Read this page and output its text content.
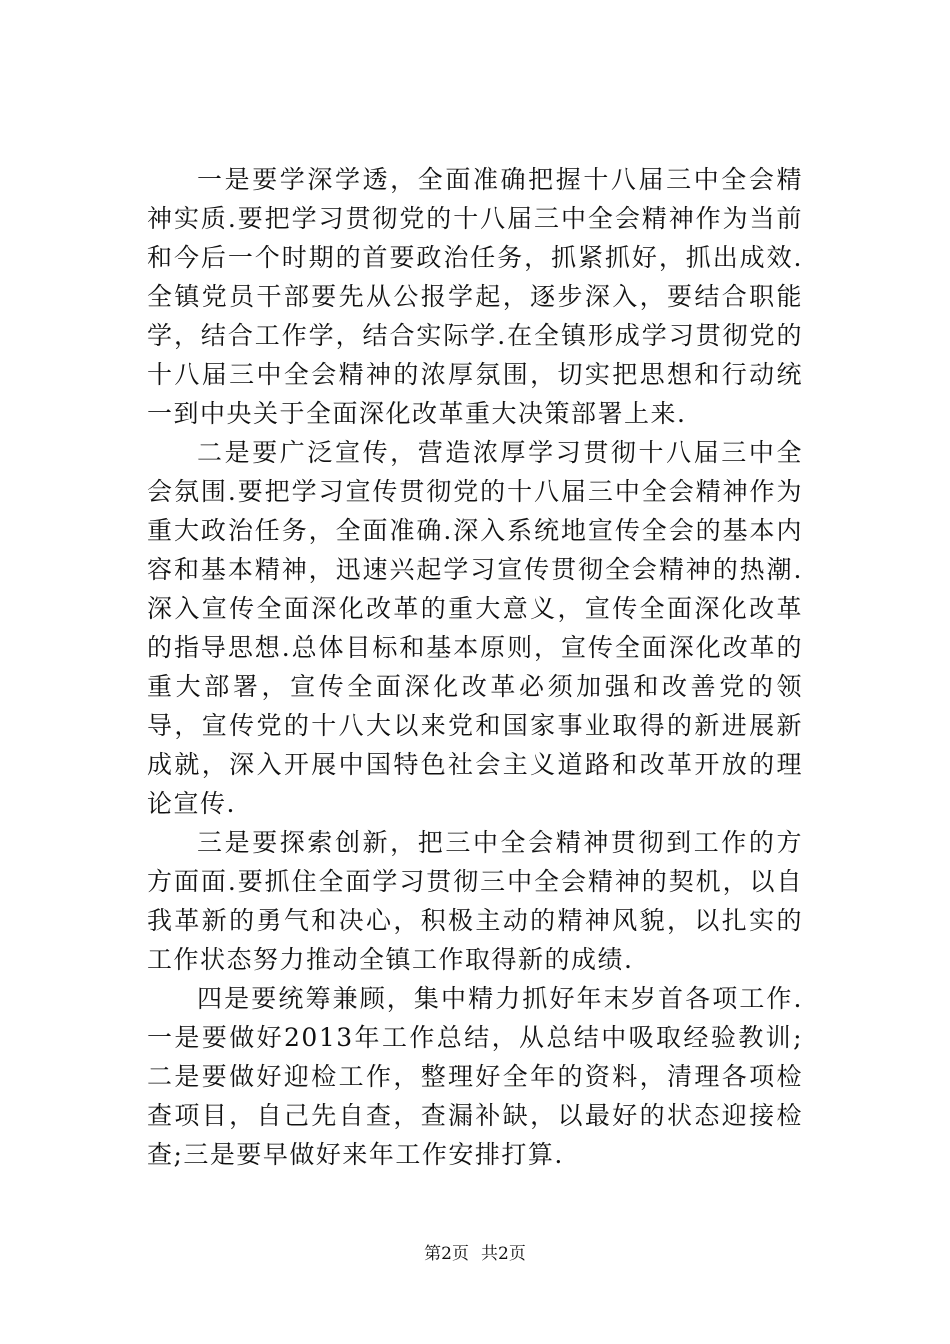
一是要学深学透，全面准确把握十八届三中全会精神实质.要把学习贯彻党的十八届三中全会精神作为当前和今后一个时期的首要政治任务，抓紧抓好，抓出成效.全镇党员干部要先从公报学起，逐步深入，要结合职能学，结合工作学，结合实际学.在全镇形成学习贯彻党的十八届三中全会精神的浓厚氛围，切实把思想和行动统一到中央关于全面深化改革重大决策部署上来.

二是要广泛宣传，营造浓厚学习贯彻十八届三中全会氛围.要把学习宣传贯彻党的十八届三中全会精神作为重大政治任务，全面准确.深入系统地宣传全会的基本内容和基本精神，迅速兴起学习宣传贯彻全会精神的热潮.深入宣传全面深化改革的重大意义，宣传全面深化改革的指导思想.总体目标和基本原则，宣传全面深化改革的重大部署，宣传全面深化改革必须加强和改善党的领导，宣传党的十八大以来党和国家事业取得的新进展新成就，深入开展中国特色社会主义道路和改革开放的理论宣传.

三是要探索创新，把三中全会精神贯彻到工作的方方面面.要抓住全面学习贯彻三中全会精神的契机，以自我革新的勇气和决心，积极主动的精神风貌，以扎实的工作状态努力推动全镇工作取得新的成绩.

四是要统筹兼顾，集中精力抓好年末岁首各项工作.一是要做好2013年工作总结，从总结中吸取经验教训;二是要做好迎检工作，整理好全年的资料，清理各项检查项目，自己先自查，查漏补缺，以最好的状态迎接检查;三是要早做好来年工作安排打算.

第2页 共2页
